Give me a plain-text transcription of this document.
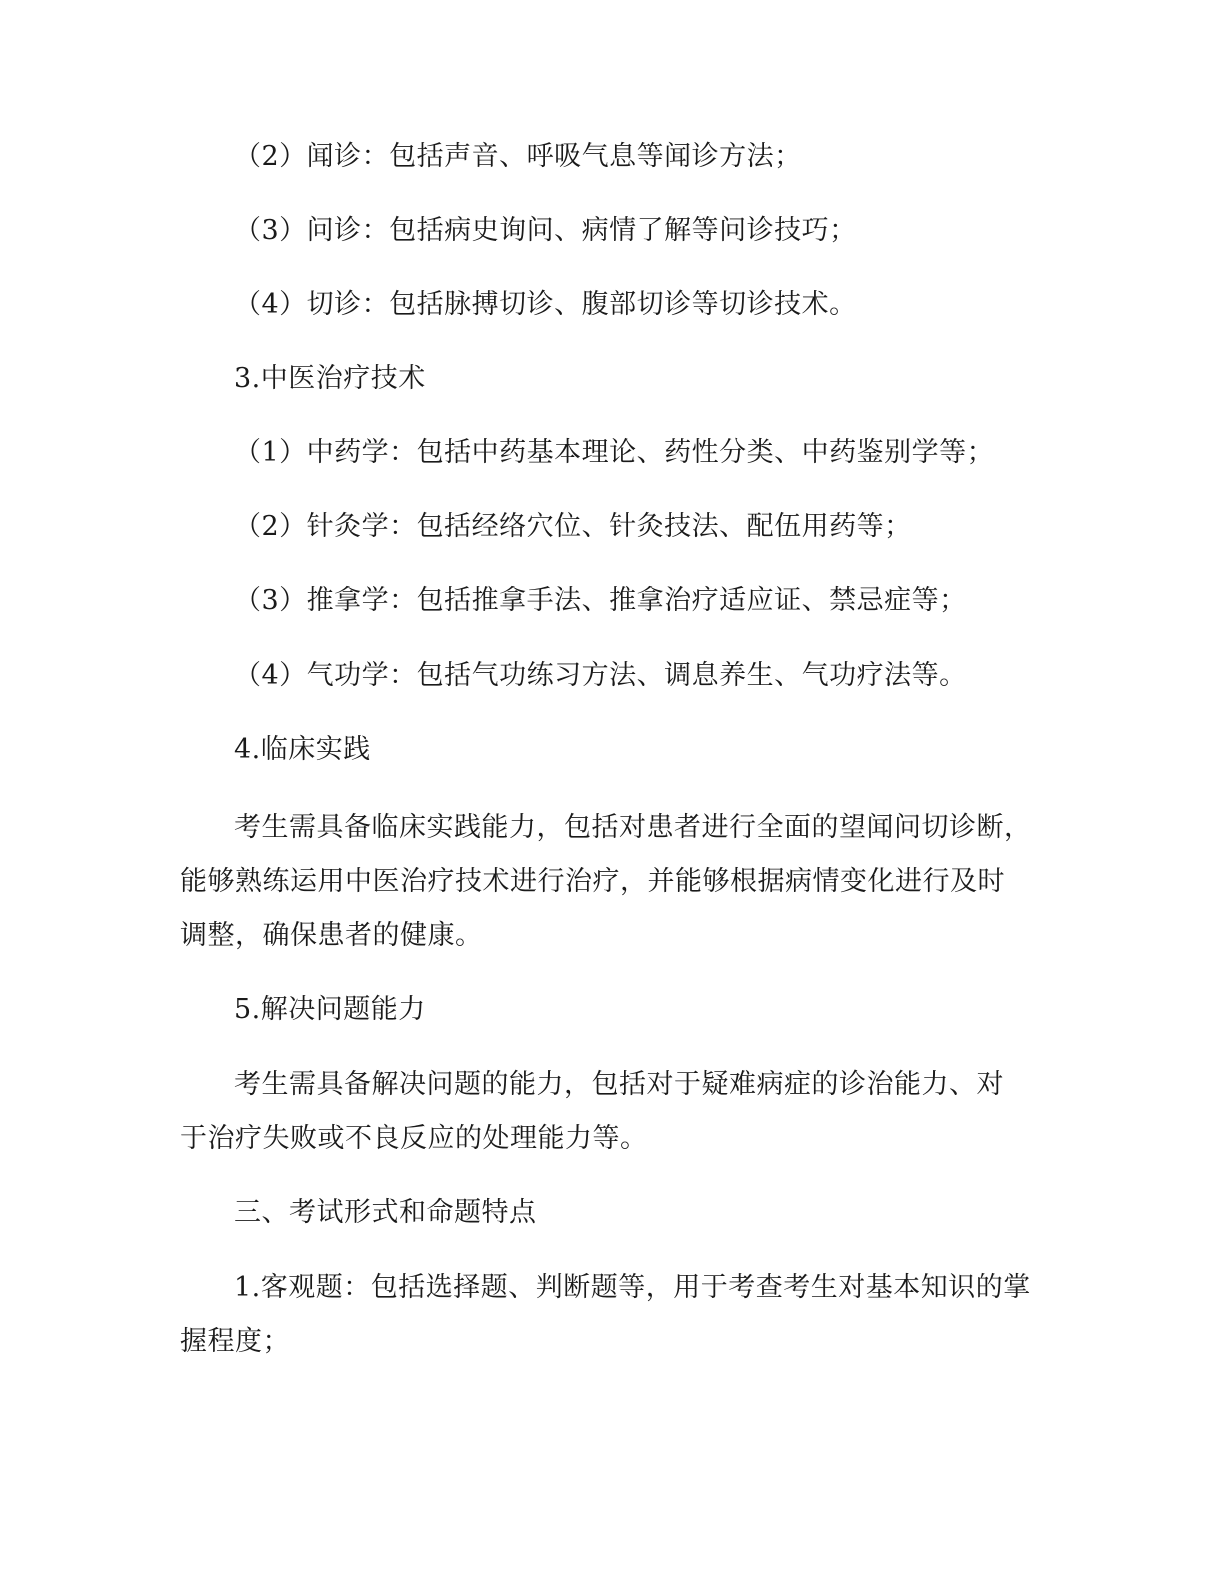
（2）闻诊：包括声音、呼吸气息等闻诊方法；
（3）问诊：包括病史询问、病情了解等问诊技巧；
（4）切诊：包括脉搏切诊、腹部切诊等切诊技术。
3.中医治疗技术
（1）中药学：包括中药基本理论、药性分类、中药鉴别学等；
（2）针灸学：包括经络穴位、针灸技法、配伍用药等；
（3）推拿学：包括推拿手法、推拿治疗适应证、禁忌症等；
（4）气功学：包括气功练习方法、调息养生、气功疗法等。
4.临床实践
考生需具备临床实践能力，包括对患者进行全面的望闻问切诊断，
能够熟练运用中医治疗技术进行治疗，并能够根据病情变化进行及时
调整，确保患者的健康。
5.解决问题能力
考生需具备解决问题的能力，包括对于疑难病症的诊治能力、对
于治疗失败或不良反应的处理能力等。
三、考试形式和命题特点
1.客观题：包括选择题、判断题等，用于考查考生对基本知识的掌
握程度；
